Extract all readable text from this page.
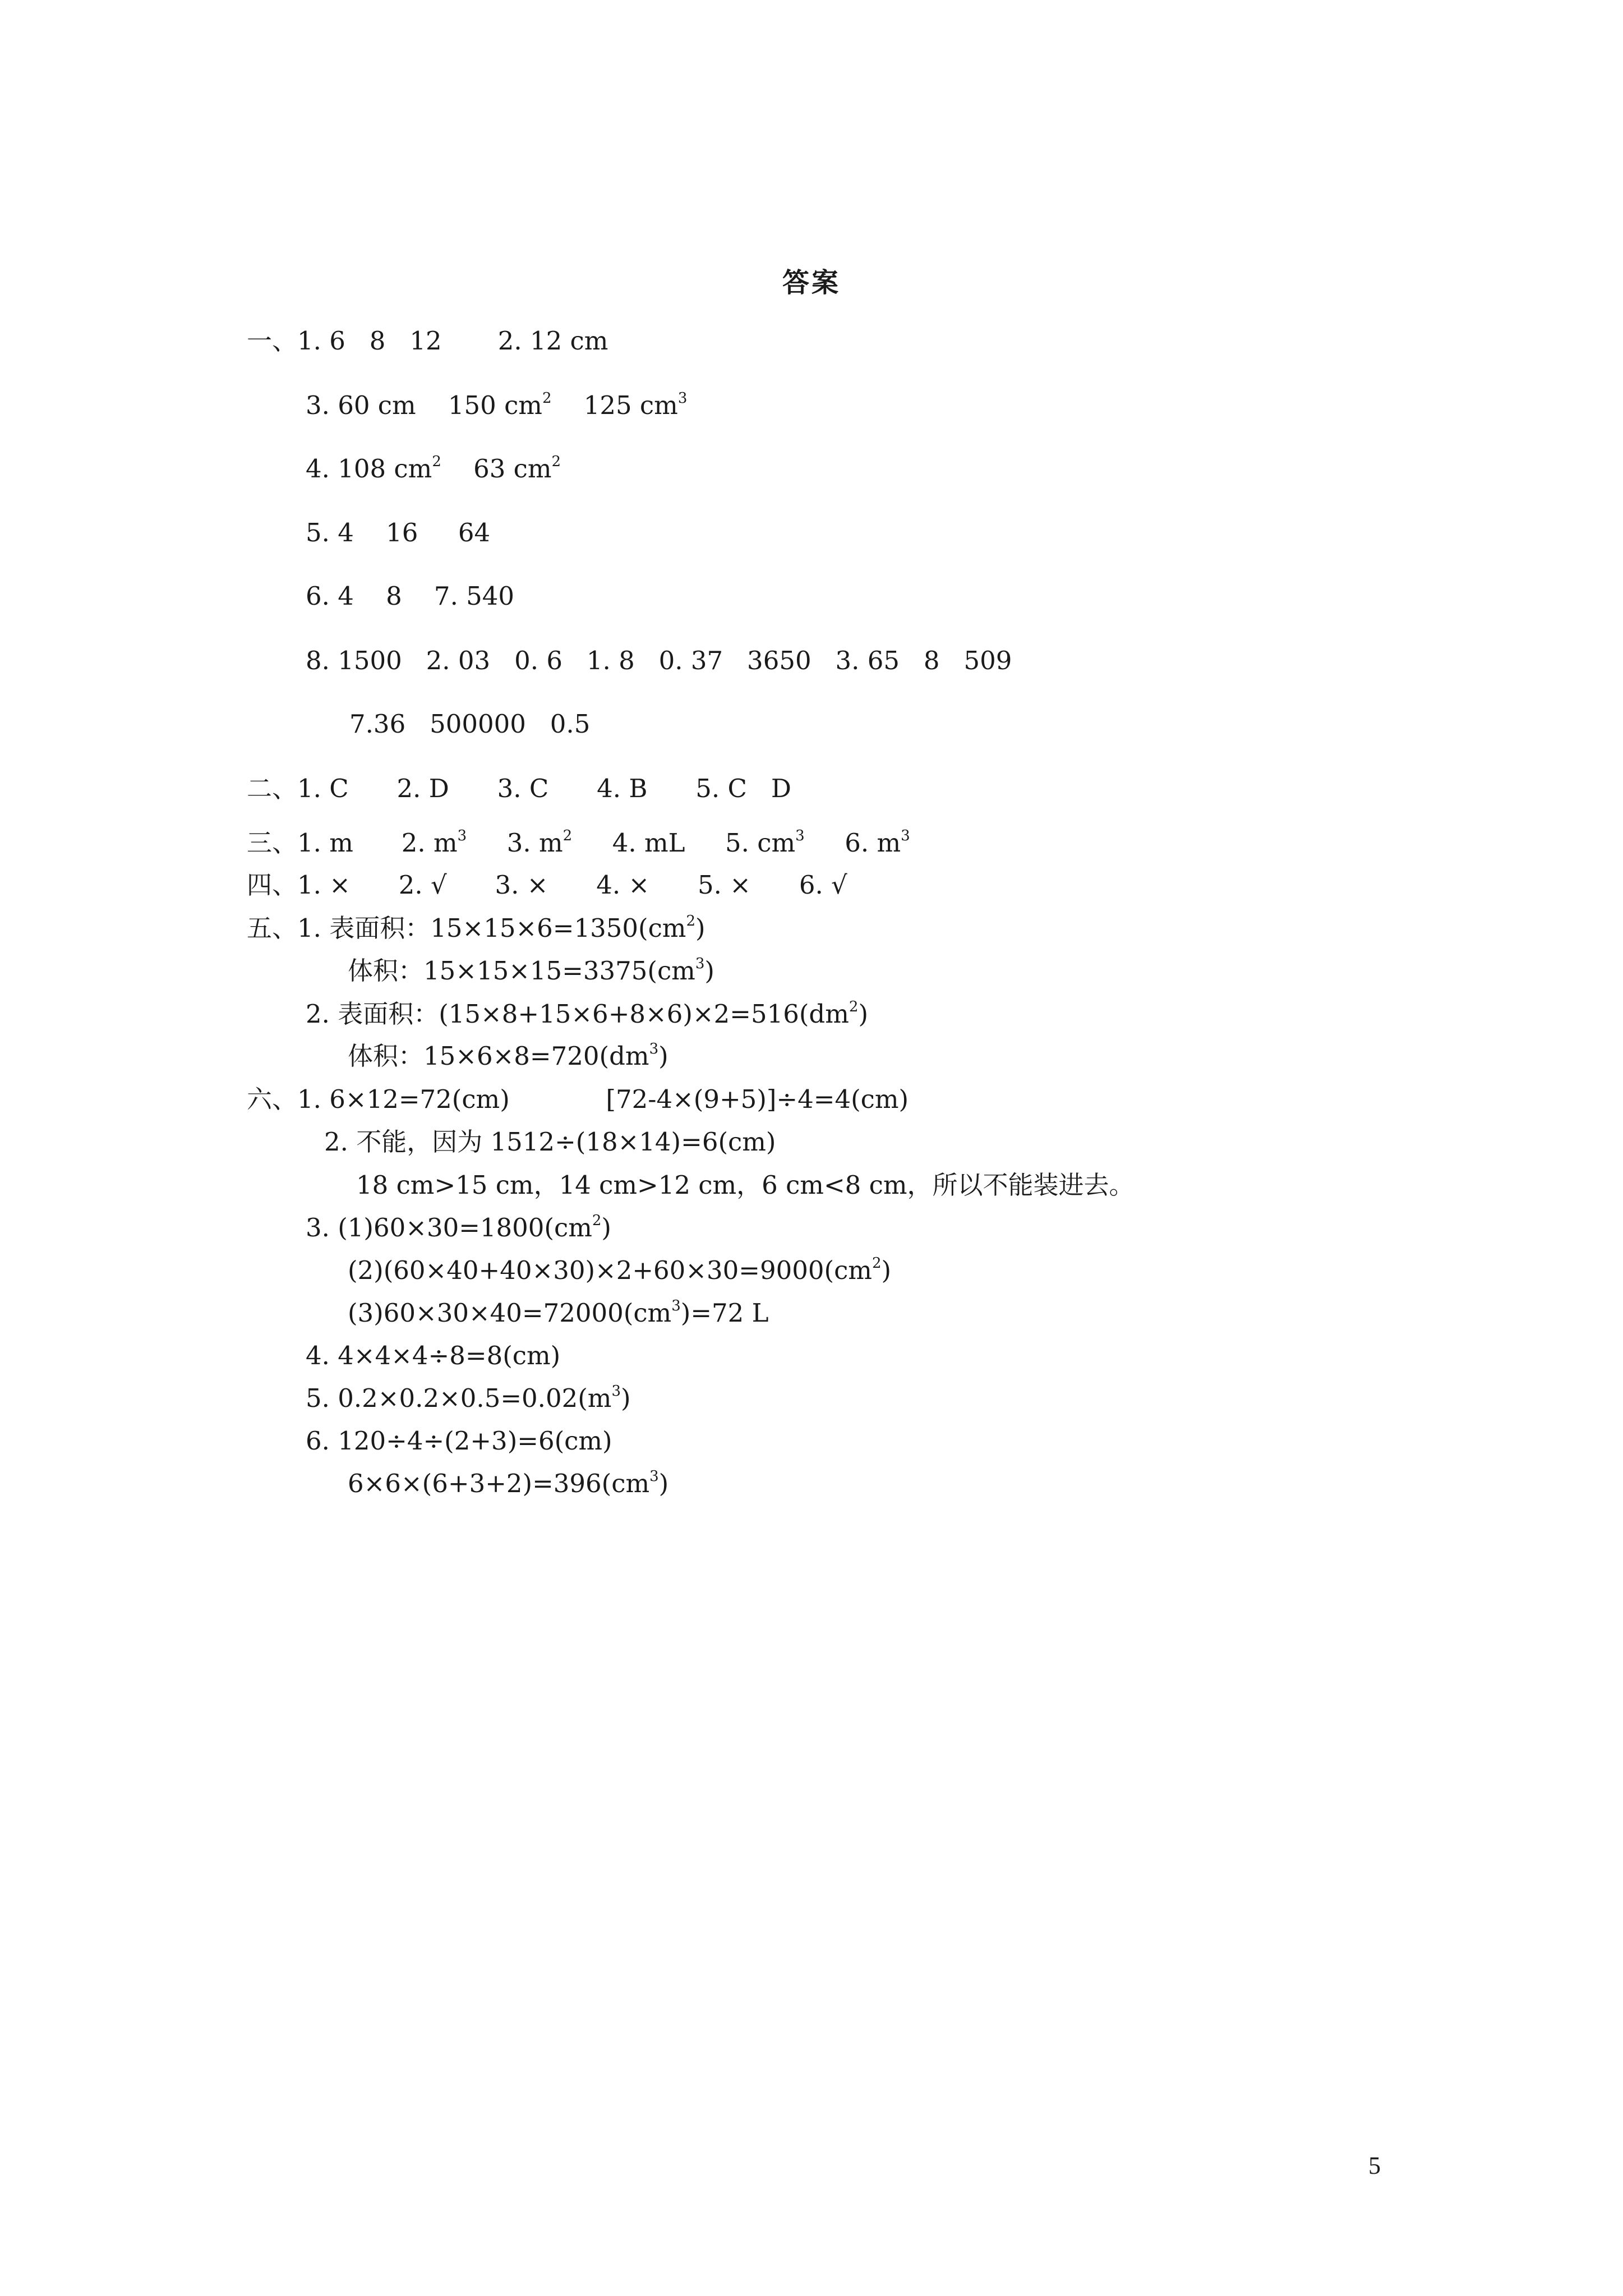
答案
一、1. 6   8   12       2. 12 cm
3. 60 cm    150 $cm^2$    125 $cm^3$
4. 108 $cm^2$    63 $cm^2$
5. 4    16     64
6. 4    8    7. 540
8. 1500   2. 03   0. 6   1. 8   0. 37   3650   3. 65   8   509
7.36   500000   0.5
二、1. C      2. D      3. C      4. B      5. C   D
三、1. m      2. $m^3$     3. $m^2$     4. mL     5. $cm^3$     6. $m^3$
四、1. ×      2. √      3. ×      4. ×      5. ×      6. √
五、1. 表面积：$15\times 15\times 6=1350(cm^2)$
体积：$15\times 15\times 15=3375(cm^3)$
2. 表面积：$(15\times 8+15\times 6+8\times 6)\times 2=516(dm^2)$
体积：$15\times 6\times 8=720(dm^3)$
六、1. 6×12=72(cm)            [72-4×(9+5)]÷4=4(cm)
2. 不能，因为 1512÷(18×14)=6(cm)
18 cm>15 cm，14 cm>12 cm，6 cm<8 cm，所以不能装进去。
3. $(1)60\times 30=1800(cm^2)$
$(2)(60\times 40+40\times 30)\times 2+60\times 30=9000(cm^2)$
$(3)60\times 30\times 40=72000(cm^3)=72$ L
4. 4×4×4÷8=8(cm)
5. $0.2\times 0.2\times 0.5=0.02(m^3)$
6. 120÷4÷(2+3)=6(cm)
$6\times 6\times(6+3+2)=396(cm^3)$
5
